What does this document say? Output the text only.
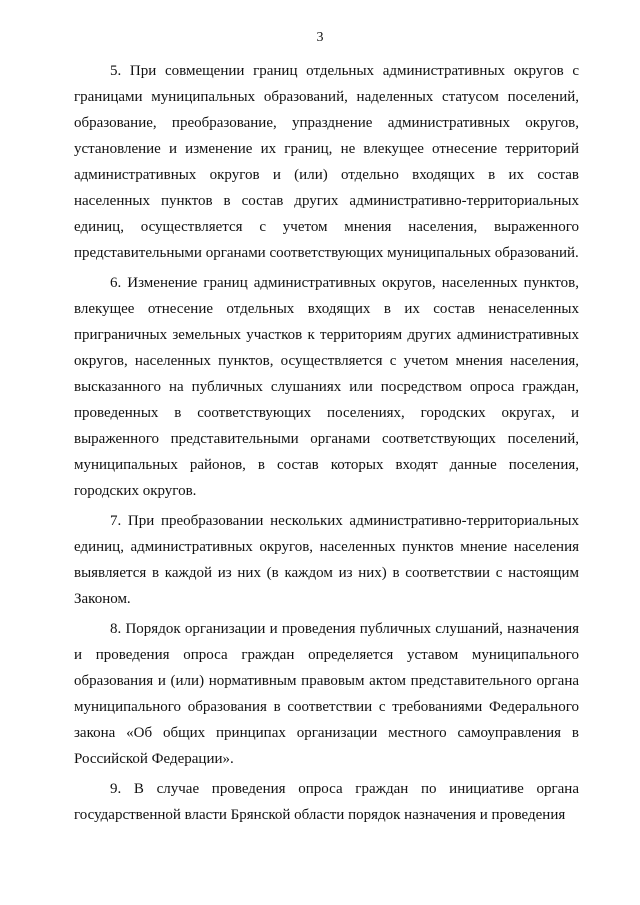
3

5. При совмещении границ отдельных административных округов с границами муниципальных образований, наделенных статусом поселений, образование, преобразование, упразднение административных округов, установление и изменение их границ, не влекущее отнесение территорий административных округов и (или) отдельно входящих в их состав населенных пунктов в состав других административно-территориальных единиц, осуществляется с учетом мнения населения, выраженного представительными органами соответствующих муниципальных образований.

6. Изменение границ административных округов, населенных пунктов, влекущее отнесение отдельных входящих в их состав ненаселенных приграничных земельных участков к территориям других административных округов, населенных пунктов, осуществляется с учетом мнения населения, высказанного на публичных слушаниях или посредством опроса граждан, проведенных в соответствующих поселениях, городских округах, и выраженного представительными органами соответствующих поселений, муниципальных районов, в состав которых входят данные поселения, городских округов.

7. При преобразовании нескольких административно-территориальных единиц, административных округов, населенных пунктов мнение населения выявляется в каждой из них (в каждом из них) в соответствии с настоящим Законом.

8. Порядок организации и проведения публичных слушаний, назначения и проведения опроса граждан определяется уставом муниципального образования и (или) нормативным правовым актом представительного органа муниципального образования в соответствии с требованиями Федерального закона «Об общих принципах организации местного самоуправления в Российской Федерации».

9. В случае проведения опроса граждан по инициативе органа государственной власти Брянской области порядок назначения и проведения
